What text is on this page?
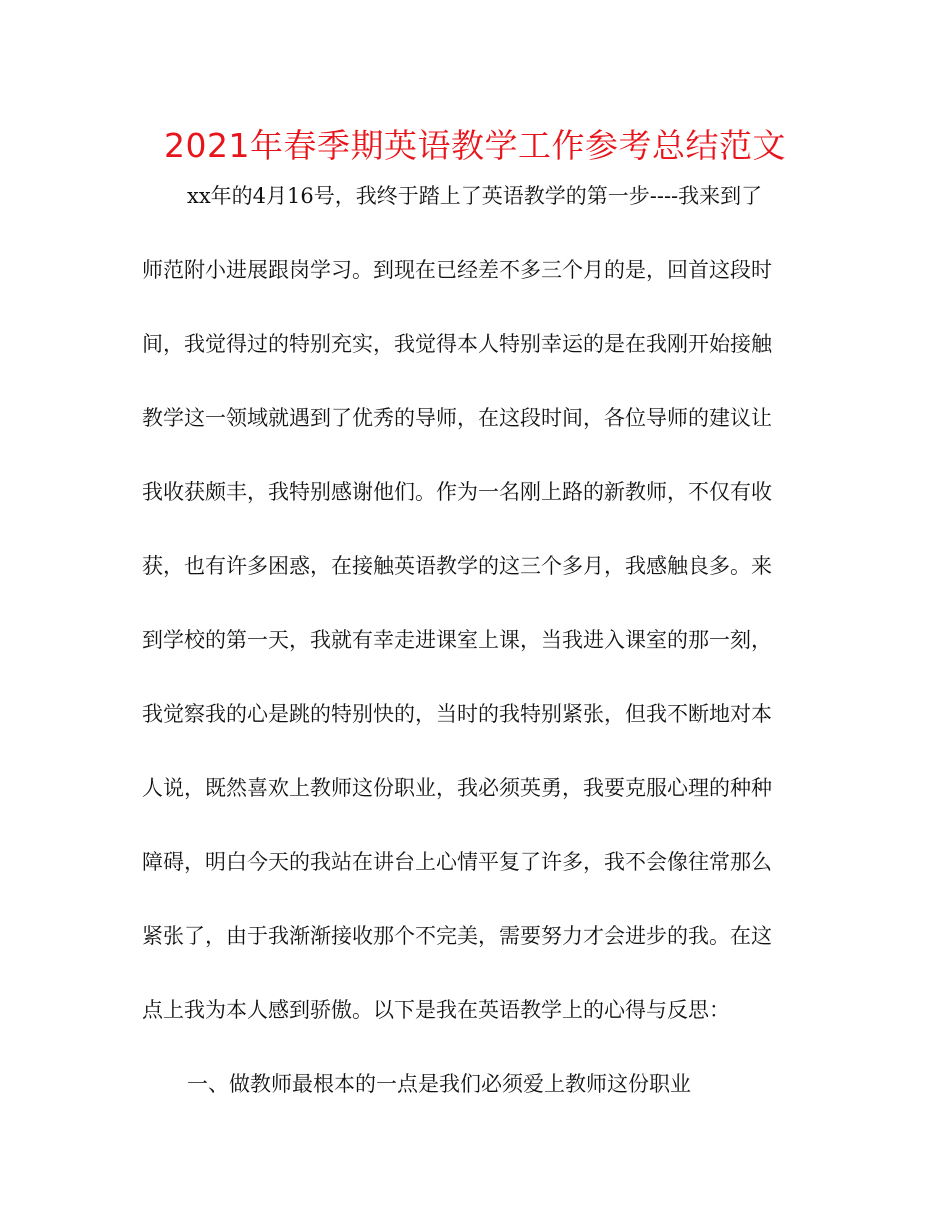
2021年春季期英语教学工作参考总结范文
xx年的4月16号，我终于踏上了英语教学的第一步----我来到了
师范附小进展跟岗学习。到现在已经差不多三个月的是，回首这段时
间，我觉得过的特别充实，我觉得本人特别幸运的是在我刚开始接触
教学这一领域就遇到了优秀的导师，在这段时间，各位导师的建议让
我收获颇丰，我特别感谢他们。作为一名刚上路的新教师，不仅有收
获，也有许多困惑，在接触英语教学的这三个多月，我感触良多。来
到学校的第一天，我就有幸走进课室上课，当我进入课室的那一刻，
我觉察我的心是跳的特别快的，当时的我特别紧张，但我不断地对本
人说，既然喜欢上教师这份职业，我必须英勇，我要克服心理的种种
障碍，明白今天的我站在讲台上心情平复了许多，我不会像往常那么
紧张了，由于我渐渐接收那个不完美，需要努力才会进步的我。在这
点上我为本人感到骄傲。以下是我在英语教学上的心得与反思：
一、做教师最根本的一点是我们必须爱上教师这份职业
